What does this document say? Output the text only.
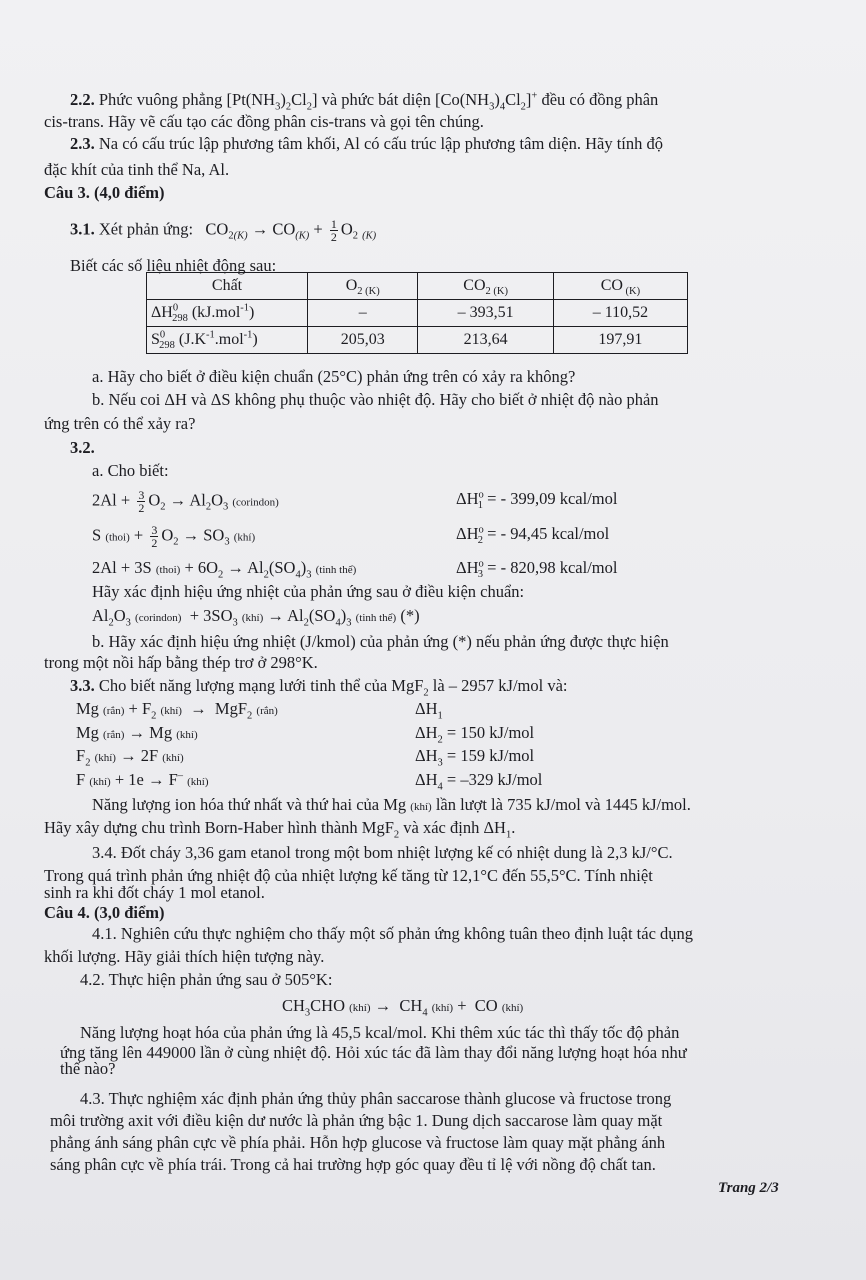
2.2. Phức vuông phẳng $[Pt(NH_3)_2Cl_2]$ và phức bát diện $[Co(NH_3)_4Cl_2]^+$ đều có đồng phân
cis-trans. Hãy vẽ cấu tạo các đồng phân cis-trans và gọi tên chúng.
2.3. Na có cấu trúc lập phương tâm khối, Al có cấu trúc lập phương tâm diện. Hãy tính độ
đặc khít của tinh thể Na, Al.
Câu 3. (4,0 điểm)
3.1. Xét phản ứng:   $CO_{2(K)} \to CO_{(K)} + \frac{1}{2} O_2$ $_{(K)}$
Biết các số liệu nhiệt động sau:
Chất	$O_{2 (K)}$	$CO_{2 (K)}$	CO $_{(K)}$
$\Delta H^0_{298}$ (kJ.mol$^{-1}$)	–	– 393,51	– 110,52
$S^0_{298}$ $(J.K^{-1}.mol^{-1})$	205,03	213,64	197,91
a. Hãy cho biết ở điều kiện chuẩn (25°C) phản ứng trên có xảy ra không?
b. Nếu coi ΔH và ΔS không phụ thuộc vào nhiệt độ. Hãy cho biết ở nhiệt độ nào phản
ứng trên có thể xảy ra?
3.2.
a. Cho biết:
$2Al + \frac{3}{2} O_2 \to Al_2O_3$ (corindon)	$\Delta H^o_1$ = - 399,09 kcal/mol
S (thoi) + $\frac{3}{2} O_2 \to SO_3$ (khí)	$\Delta H^o_2$ = - 94,45 kcal/mol
2Al + 3S (thoi) + $6O_2 \to Al_2(SO_4)_3$ (tinh thể)	$\Delta H^o_3$ = - 820,98 kcal/mol
Hãy xác định hiệu ứng nhiệt của phản ứng sau ở điều kiện chuẩn:
$Al_2O_3$ (corindon)  + $3SO_3$ (khí) → $Al_2(SO_4)_3$ (tinh thể) (*)
b. Hãy xác định hiệu ứng nhiệt (J/kmol) của phản ứng (*) nếu phản ứng được thực hiện
trong một nồi hấp bằng thép trơ ở 298°K.
3.3. Cho biết năng lượng mạng lưới tinh thể của MgF$_2$ là – 2957 kJ/mol và:
Mg (rắn) + $F_2$ (khí)  →  MgF$_2$ (rắn)	$\Delta H_1$
Mg (rắn) → Mg (khí)	$\Delta H_2 = 150$ kJ/mol
$F_2$ (khí) → 2F (khí)	$\Delta H_3 = 159$ kJ/mol
F (khí) + 1e → F– (khí)	$\Delta H_4 = -329$ kJ/mol
Năng lượng ion hóa thứ nhất và thứ hai của Mg (khí) lần lượt là 735 kJ/mol và 1445 kJ/mol.
Hãy xây dựng chu trình Born-Haber hình thành MgF$_2$ và xác định $\Delta H_1$.
3.4. Đốt cháy 3,36 gam etanol trong một bom nhiệt lượng kế có nhiệt dung là 2,3 kJ/°C.
Trong quá trình phản ứng nhiệt độ của nhiệt lượng kế tăng từ 12,1°C đến 55,5°C. Tính nhiệt
sinh ra khi đốt cháy 1 mol etanol.
Câu 4. (3,0 điểm)
4.1. Nghiên cứu thực nghiệm cho thấy một số phản ứng không tuân theo định luật tác dụng
khối lượng. Hãy giải thích hiện tượng này.
4.2. Thực hiện phản ứng sau ở 505°K:
$CH_3CHO$ (khí) →  $CH_4$ (khí) +  CO (khí)
Năng lượng hoạt hóa của phản ứng là 45,5 kcal/mol. Khi thêm xúc tác thì thấy tốc độ phản
ứng tăng lên 449000 lần ở cùng nhiệt độ. Hỏi xúc tác đã làm thay đổi năng lượng hoạt hóa như
thế nào?
4.3. Thực nghiệm xác định phản ứng thủy phân saccarose thành glucose và fructose trong
môi trường axit với điều kiện dư nước là phản ứng bậc 1. Dung dịch saccarose làm quay mặt
phẳng ánh sáng phân cực về phía phải. Hỗn hợp glucose và fructose làm quay mặt phẳng ánh
sáng phân cực về phía trái. Trong cả hai trường hợp góc quay đều tỉ lệ với nồng độ chất tan.
Trang 2/3
